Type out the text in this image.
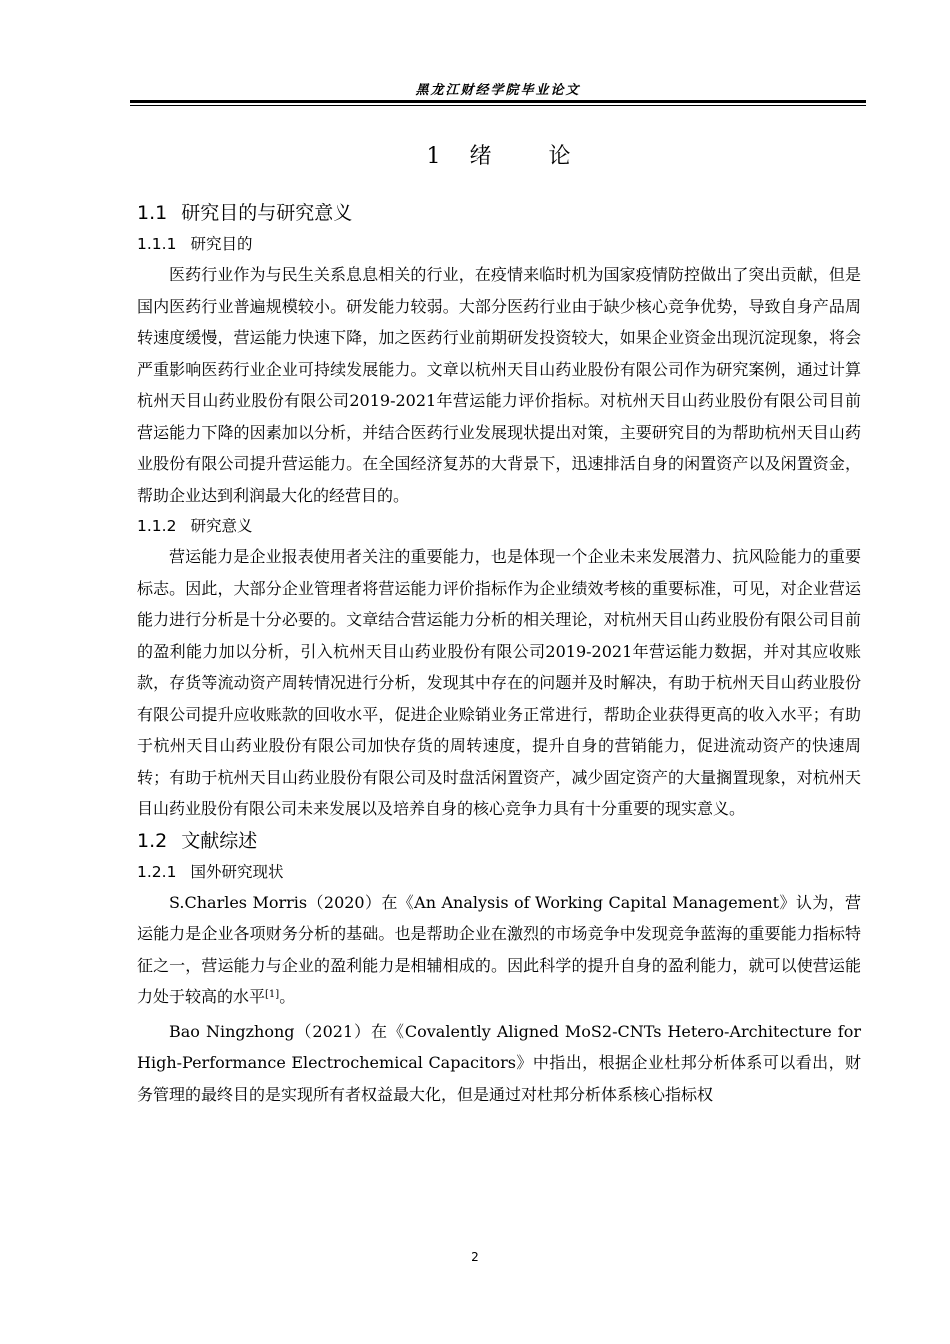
黑龙江财经学院毕业论文
1 绪	论
1.1 研究目的与研究意义
1.1.1 研究目的

医药行业作为与民生关系息息相关的行业，在疫情来临时机为国家疫情防控做出了突出贡献，但是国内医药行业普遍规模较小。研发能力较弱。大部分医药行业由于缺少核心竞争优势，导致自身产品周转速度缓慢，营运能力快速下降，加之医药行业前期研发投资较大，如果企业资金出现沉淀现象，将会严重影响医药行业企业可持续发展能力。文章以杭州天目山药业股份有限公司作为研究案例，通过计算杭州天目山药业股份有限公司2019-2021年营运能力评价指标。对杭州天目山药业股份有限公司目前营运能力下降的因素加以分析，并结合医药行业发展现状提出对策，主要研究目的为帮助杭州天目山药业股份有限公司提升营运能力。在全国经济复苏的大背景下，迅速排活自身的闲置资产以及闲置资金，帮助企业达到利润最大化的经营目的。

1.1.2 研究意义

营运能力是企业报表使用者关注的重要能力，也是体现一个企业未来发展潜力、抗风险能力的重要标志。因此，大部分企业管理者将营运能力评价指标作为企业绩效考核的重要标准，可见，对企业营运能力进行分析是十分必要的。文章结合营运能力分析的相关理论，对杭州天目山药业股份有限公司目前的盈利能力加以分析，引入杭州天目山药业股份有限公司2019-2021年营运能力数据，并对其应收账款，存货等流动资产周转情况进行分析，发现其中存在的问题并及时解决，有助于杭州天目山药业股份有限公司提升应收账款的回收水平，促进企业赊销业务正常进行，帮助企业获得更高的收入水平；有助于杭州天目山药业股份有限公司加快存货的周转速度，提升自身的营销能力，促进流动资产的快速周转；有助于杭州天目山药业股份有限公司及时盘活闲置资产，减少固定资产的大量搁置现象，对杭州天目山药业股份有限公司未来发展以及培养自身的核心竞争力具有十分重要的现实意义。

1.2 文献综述
1.2.1 国外研究现状

S.Charles Morris（2020）在《An Analysis of Working Capital Management》认为，营运能力是企业各项财务分析的基础。也是帮助企业在激烈的市场竞争中发现竞争蓝海的重要能力指标特征之一，营运能力与企业的盈利能力是相辅相成的。因此科学的提升自身的盈利能力，就可以使营运能力处于较高的水平[1]。

Bao Ningzhong（2021）在《Covalently Aligned MoS2-CNTs Hetero-Architecture for High-Performance Electrochemical Capacitors》中指出，根据企业杜邦分析体系可以看出，财务管理的最终目的是实现所有者权益最大化，但是通过对杜邦分析体系核心指标权

2
